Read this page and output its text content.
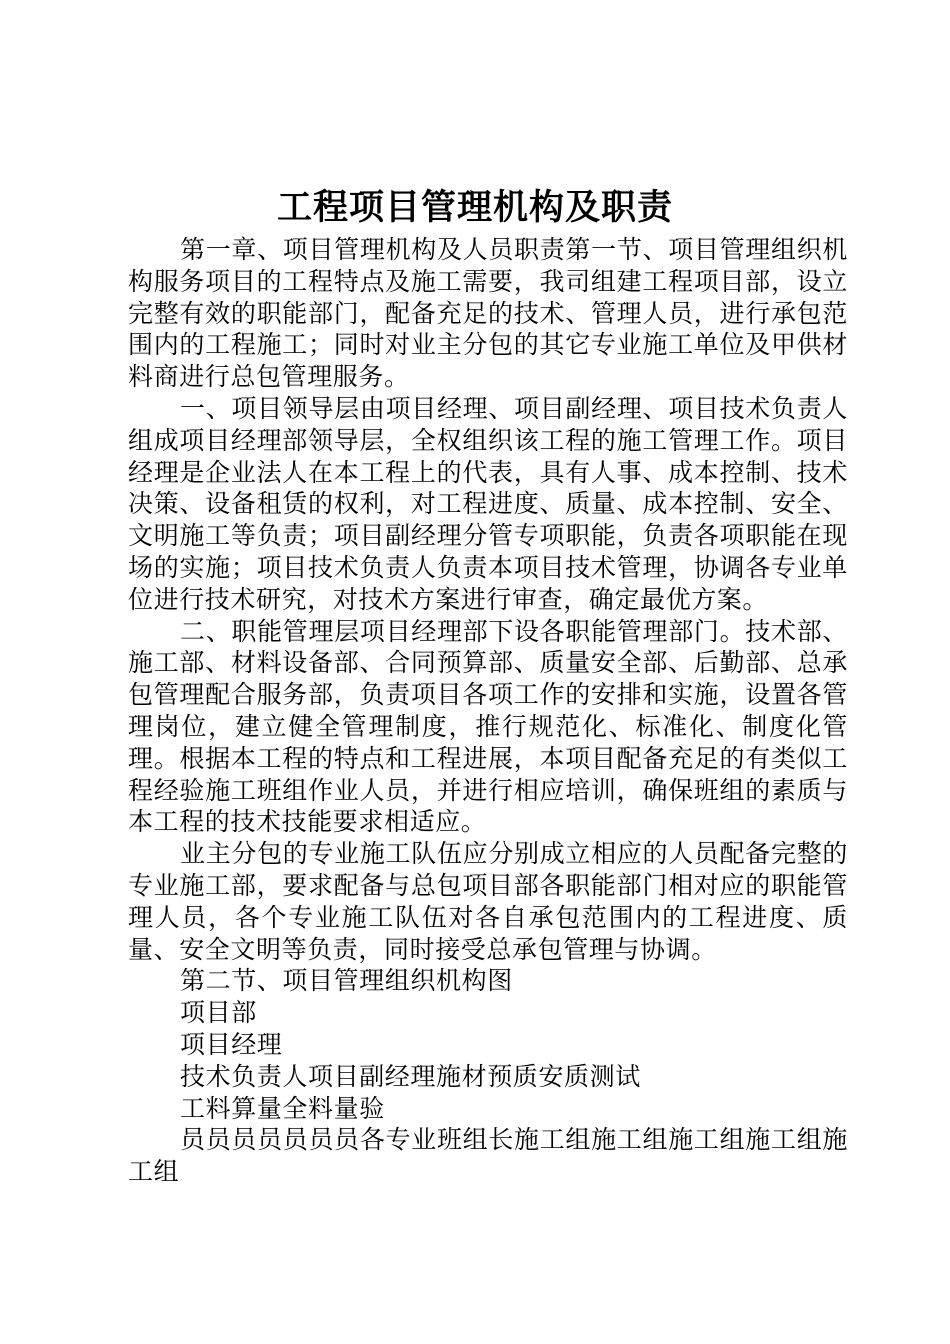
工程项目管理机构及职责

第一章、项目管理机构及人员职责第一节、项目管理组织机构服务项目的工程特点及施工需要，我司组建工程项目部，设立完整有效的职能部门，配备充足的技术、管理人员，进行承包范围内的工程施工；同时对业主分包的其它专业施工单位及甲供材料商进行总包管理服务。

一、项目领导层由项目经理、项目副经理、项目技术负责人组成项目经理部领导层，全权组织该工程的施工管理工作。项目经理是企业法人在本工程上的代表，具有人事、成本控制、技术决策、设备租赁的权利，对工程进度、质量、成本控制、安全、文明施工等负责；项目副经理分管专项职能，负责各项职能在现场的实施；项目技术负责人负责本项目技术管理，协调各专业单位进行技术研究，对技术方案进行审查，确定最优方案。

二、职能管理层项目经理部下设各职能管理部门。技术部、施工部、材料设备部、合同预算部、质量安全部、后勤部、总承包管理配合服务部，负责项目各项工作的安排和实施，设置各管理岗位，建立健全管理制度，推行规范化、标准化、制度化管理。根据本工程的特点和工程进展，本项目配备充足的有类似工程经验施工班组作业人员，并进行相应培训，确保班组的素质与本工程的技术技能要求相适应。

业主分包的专业施工队伍应分别成立相应的人员配备完整的专业施工部，要求配备与总包项目部各职能部门相对应的职能管理人员，各个专业施工队伍对各自承包范围内的工程进度、质量、安全文明等负责，同时接受总承包管理与协调。

第二节、项目管理组织机构图

项目部

项目经理

技术负责人项目副经理施材预质安质测试

工料算量全料量验

员员员员员员员各专业班组长施工组施工组施工组施工组施工组
